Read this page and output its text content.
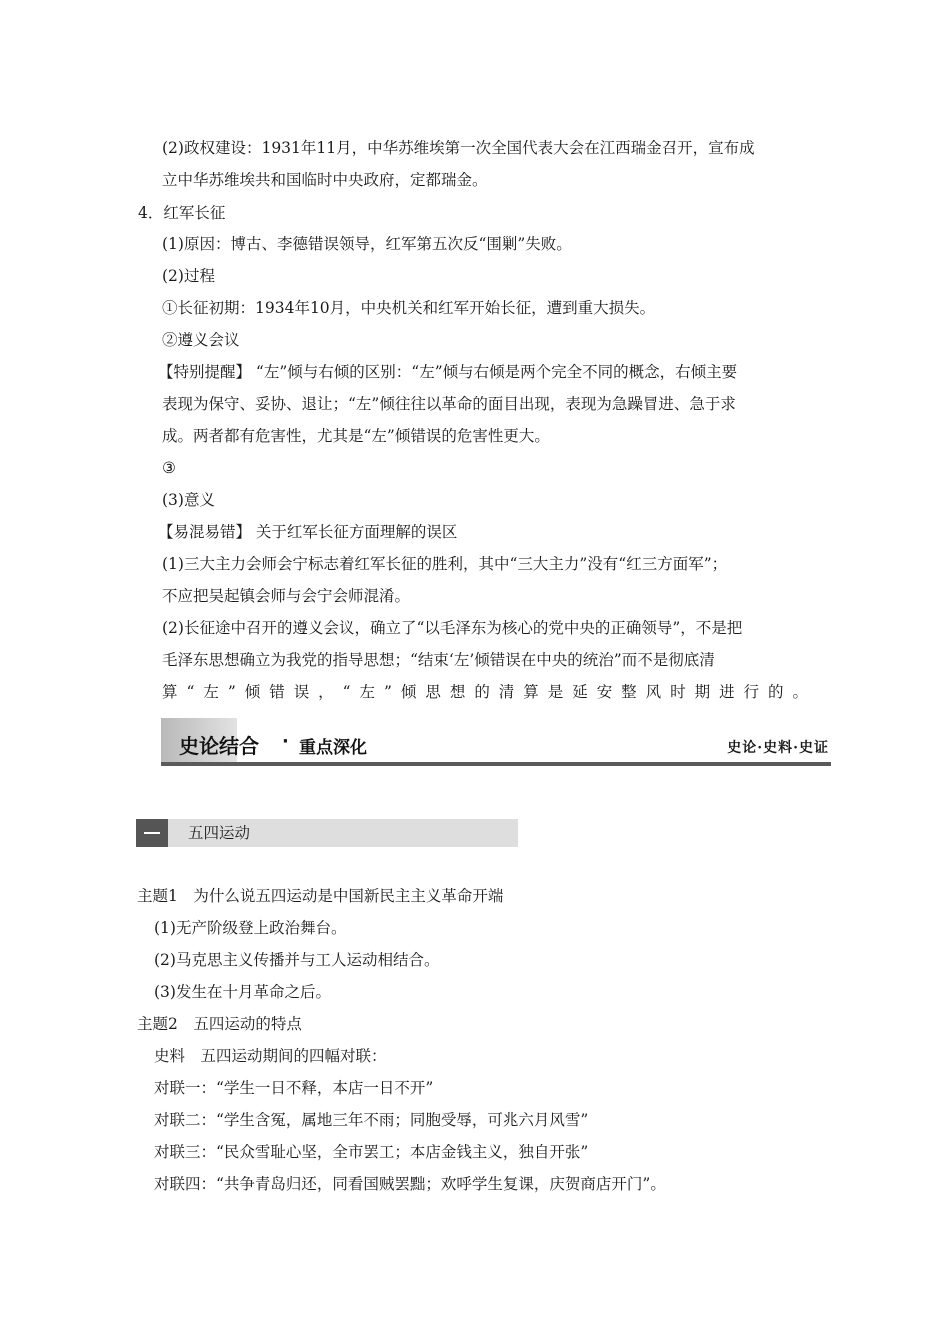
(2)政权建设：1931年11月，中华苏维埃第一次全国代表大会在江西瑞金召开，宣布成
立中华苏维埃共和国临时中央政府，定都瑞金。
4．红军长征
(1)原因：博古、李德错误领导，红军第五次反“围剿”失败。
(2)过程
①长征初期：1934年10月，中央机关和红军开始长征，遭到重大损失。
②遵义会议
【特别提醒】 “左”倾与右倾的区别：“左”倾与右倾是两个完全不同的概念，右倾主要
表现为保守、妥协、退让；“左”倾往往以革命的面目出现，表现为急躁冒进、急于求
成。两者都有危害性，尤其是“左”倾错误的危害性更大。
③
(3)意义
【易混易错】 关于红军长征方面理解的误区
(1)三大主力会师会宁标志着红军长征的胜利，其中“三大主力”没有“红三方面军”；
不应把吴起镇会师与会宁会师混淆。
(2)长征途中召开的遵义会议，确立了“以毛泽东为核心的党中央的正确领导”，不是把
毛泽东思想确立为我党的指导思想；“结束‘左’倾错误在中央的统治”而不是彻底清
算“左”倾错误，“左”倾思想的清算是延安整风时期进行的。
史论结合 · 重点深化	史论·史料·史证
五四运动
主题1　为什么说五四运动是中国新民主主义革命开端
(1)无产阶级登上政治舞台。
(2)马克思主义传播并与工人运动相结合。
(3)发生在十月革命之后。
主题2　五四运动的特点
史料　五四运动期间的四幅对联：
对联一：“学生一日不释，本店一日不开”
对联二：“学生含冤，属地三年不雨；同胞受辱，可兆六月风雪”
对联三：“民众雪耻心坚，全市罢工；本店金钱主义，独自开张”
对联四：“共争青岛归还，同看国贼罢黜；欢呼学生复课，庆贺商店开门”。
